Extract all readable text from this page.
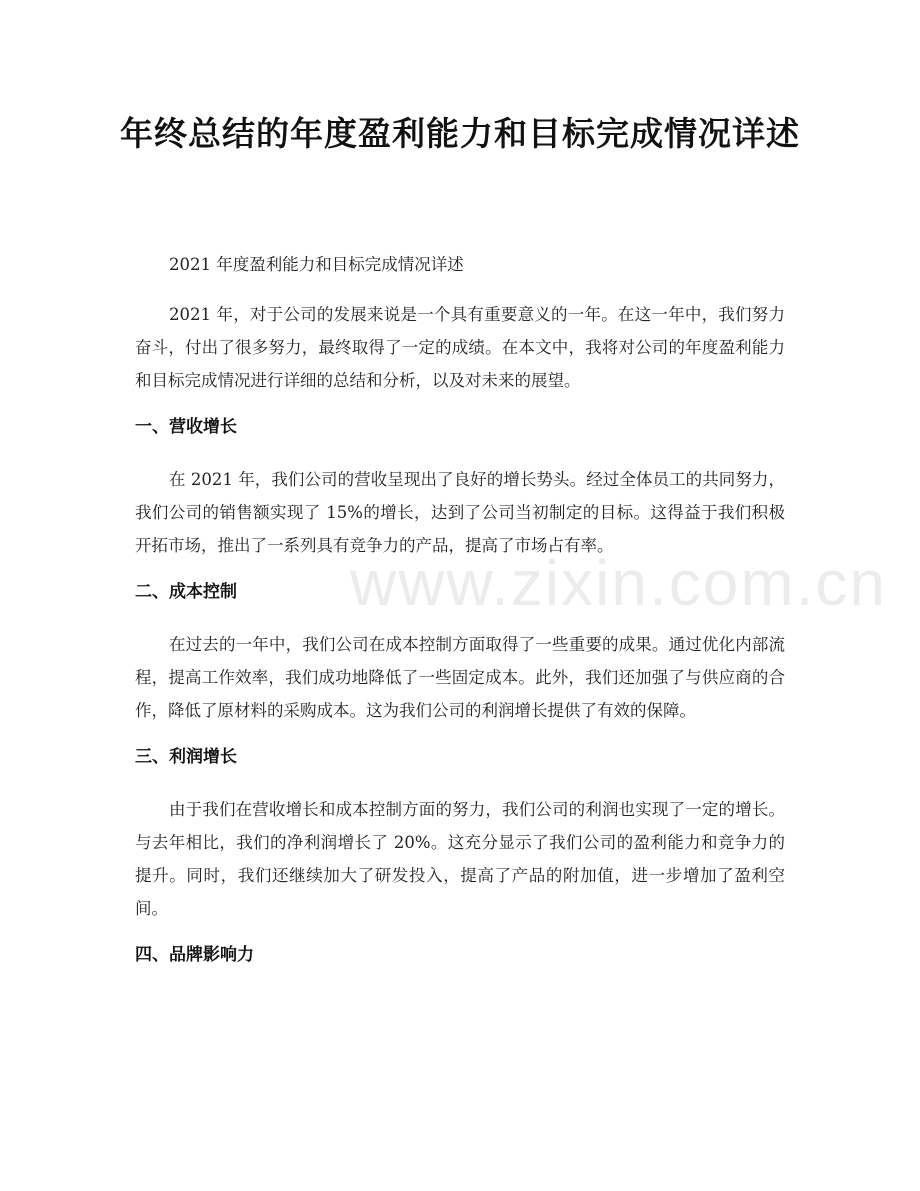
年终总结的年度盈利能力和目标完成情况详述

2021 年度盈利能力和目标完成情况详述

2021 年，对于公司的发展来说是一个具有重要意义的一年。在这一年中，我们努力奋斗，付出了很多努力，最终取得了一定的成绩。在本文中，我将对公司的年度盈利能力和目标完成情况进行详细的总结和分析，以及对未来的展望。

一、营收增长

在 2021 年，我们公司的营收呈现出了良好的增长势头。经过全体员工的共同努力，我们公司的销售额实现了 15%的增长，达到了公司当初制定的目标。这得益于我们积极开拓市场，推出了一系列具有竞争力的产品，提高了市场占有率。

二、成本控制

在过去的一年中，我们公司在成本控制方面取得了一些重要的成果。通过优化内部流程，提高工作效率，我们成功地降低了一些固定成本。此外，我们还加强了与供应商的合作，降低了原材料的采购成本。这为我们公司的利润增长提供了有效的保障。

三、利润增长

由于我们在营收增长和成本控制方面的努力，我们公司的利润也实现了一定的增长。与去年相比，我们的净利润增长了 20%。这充分显示了我们公司的盈利能力和竞争力的提升。同时，我们还继续加大了研发投入，提高了产品的附加值，进一步增加了盈利空间。

四、品牌影响力
www.zixin.com.cn
